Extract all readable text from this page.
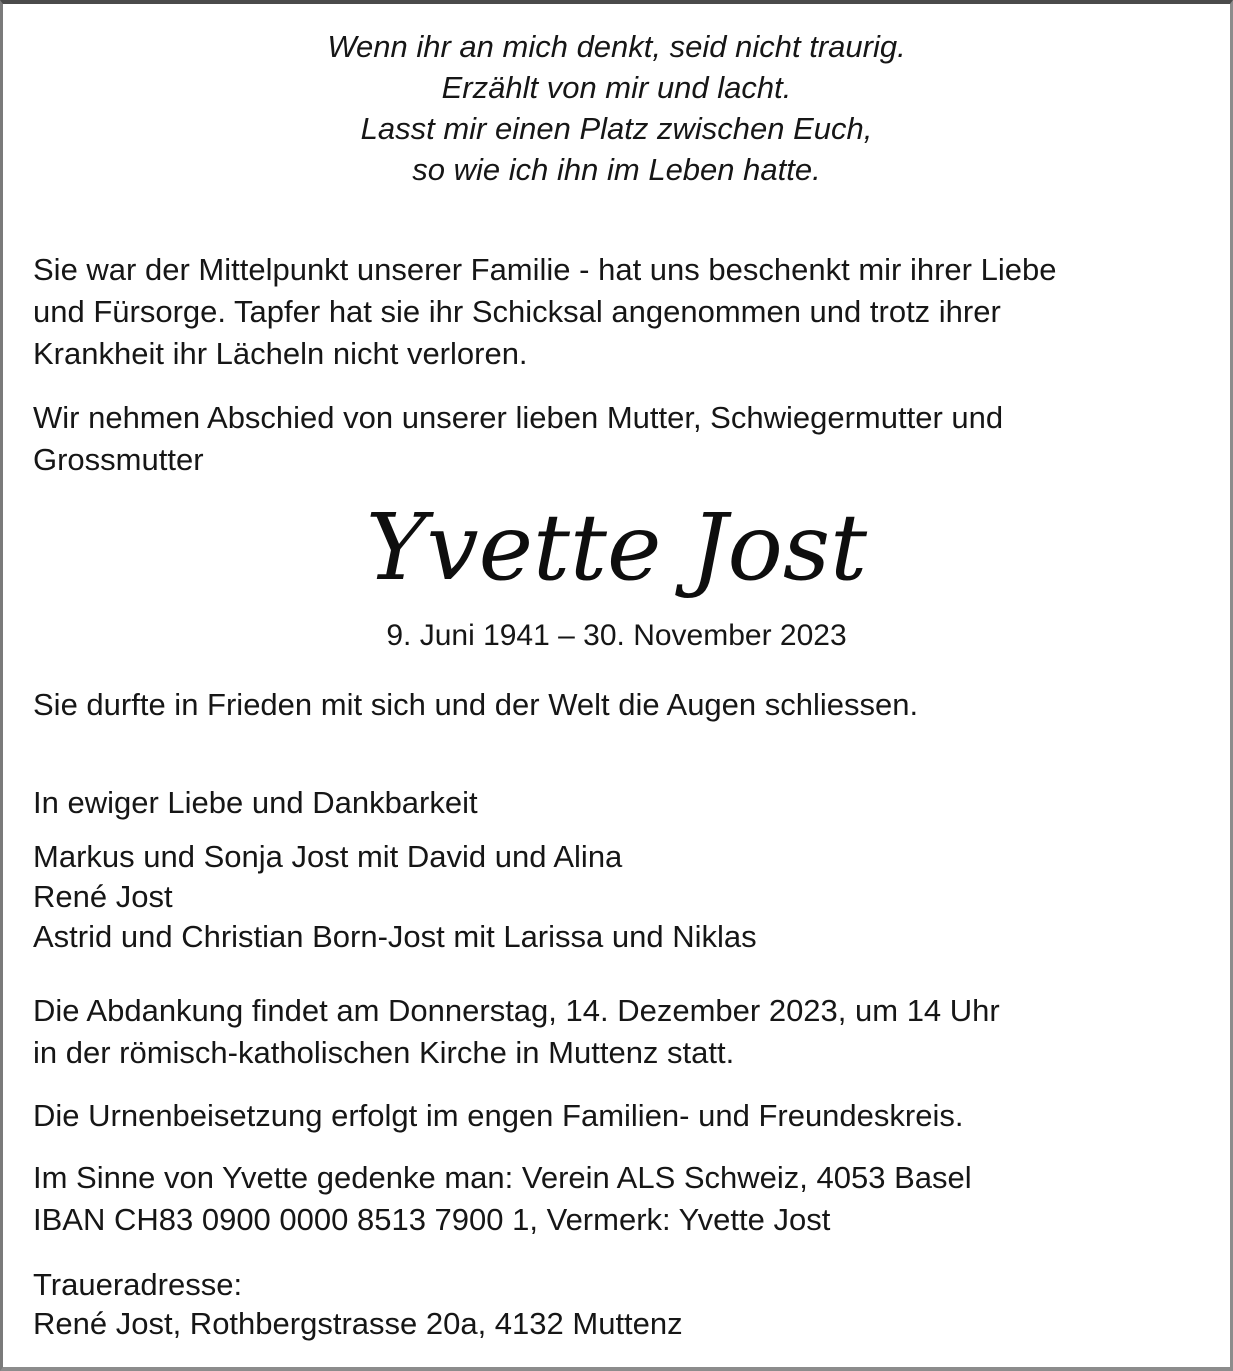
Wenn ihr an mich denkt, seid nicht traurig.
Erzählt von mir und lacht.
Lasst mir einen Platz zwischen Euch,
so wie ich ihn im Leben hatte.
Sie war der Mittelpunkt unserer Familie - hat uns beschenkt mir ihrer Liebe
und Fürsorge. Tapfer hat sie ihr Schicksal angenommen und trotz ihrer
Krankheit ihr Lächeln nicht verloren.
Wir nehmen Abschied von unserer lieben Mutter, Schwiegermutter und
Grossmutter
Yvette Jost
9. Juni 1941 – 30. November 2023
Sie durfte in Frieden mit sich und der Welt die Augen schliessen.
In ewiger Liebe und Dankbarkeit
Markus und Sonja Jost mit David und Alina
René Jost
Astrid und Christian Born-Jost mit Larissa und Niklas
Die Abdankung findet am Donnerstag, 14. Dezember 2023, um 14 Uhr
in der römisch-katholischen Kirche in Muttenz statt.
Die Urnenbeisetzung erfolgt im engen Familien- und Freundeskreis.
Im Sinne von Yvette gedenke man: Verein ALS Schweiz, 4053 Basel
IBAN CH83 0900 0000 8513 7900 1, Vermerk: Yvette Jost
Traueradresse:
René Jost, Rothbergstrasse 20a, 4132 Muttenz
